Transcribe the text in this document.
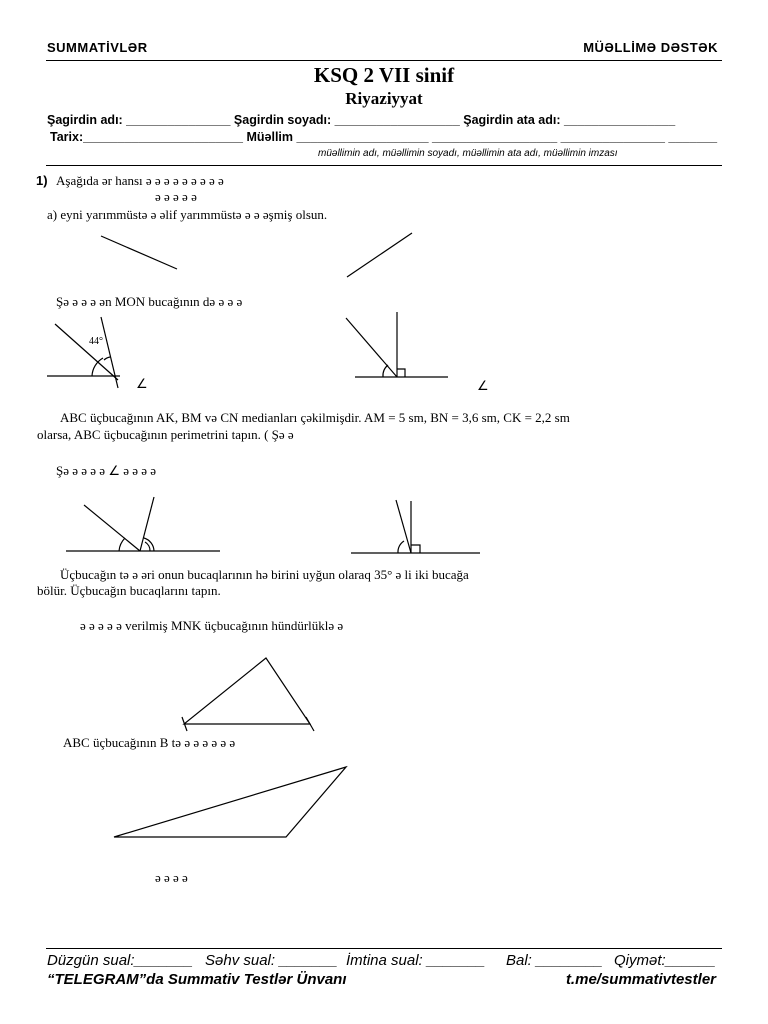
SUMMATİVLƏR	MÜƏLLİMƏ DƏSTƏK
KSQ 2 VII sinif
Riyaziyyat
Şagirdin adı: _______________ Şagirdin soyadı: __________________ Şagirdin ata adı: ________________
Tarix:_______________________ Müəllim ___________________ __________________ _______________ _______
müəllimin adı, müəllimin soyadı, müəllimin ata adı, müəllimin imzası
1) Aşağıda ər hansı ə ə ə ə ə ə ə ə ə
ə ə ə ə ə
a) eyni yarımmüstə ə əlif yarımmüstə ə ə əşmiş olsun.
Şə ə ə ə ən MON bucağının də ə ə ə
44°
∠	∠
ABC üçbucağının AK, BM və CN medianları çəkilmişdir. AM = 5 sm, BN = 3,6 sm, CK = 2,2 sm
olarsa, ABC üçbucağının perimetrini tapın. ( Şə ə
Şə ə ə ə ə ∠ ə ə ə ə
Üçbucağın tə ə əri onun bucaqlarının hə birini uyğun olaraq 35° ə li iki bucağa
bölür. Üçbucağın bucaqlarını tapın.
ə ə ə ə ə verilmiş MNK üçbucağının hündürlüklə ə
ABC üçbucağının B tə ə ə ə ə ə ə
ə ə ə ə
Düzgün sual:_______ Səhv sual: _______ İmtina sual: _______ Bal: ________ Qiymət:______
“TELEGRAM”da Summativ Testlər Ünvanı	t.me/summativtestler
